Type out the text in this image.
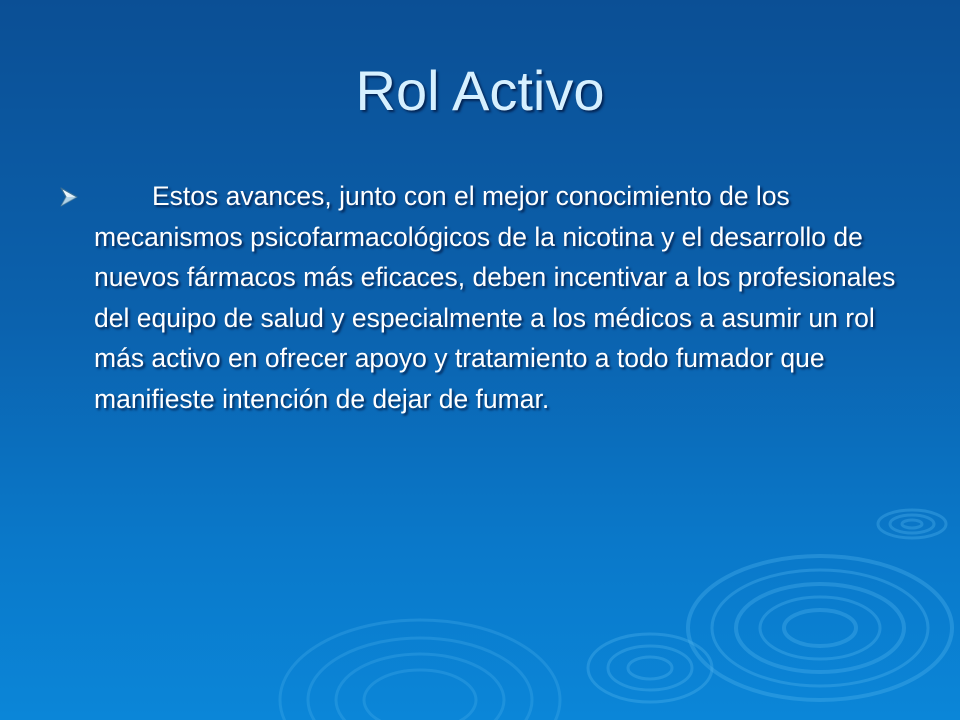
Rol Activo
Estos avances, junto con el mejor conocimiento de los mecanismos psicofarmacológicos de la nicotina y el desarrollo de nuevos fármacos más eficaces, deben incentivar a los profesionales del equipo de salud y especialmente a los médicos a asumir un rol más activo en ofrecer apoyo y tratamiento a todo fumador que manifieste intención de dejar de fumar.
